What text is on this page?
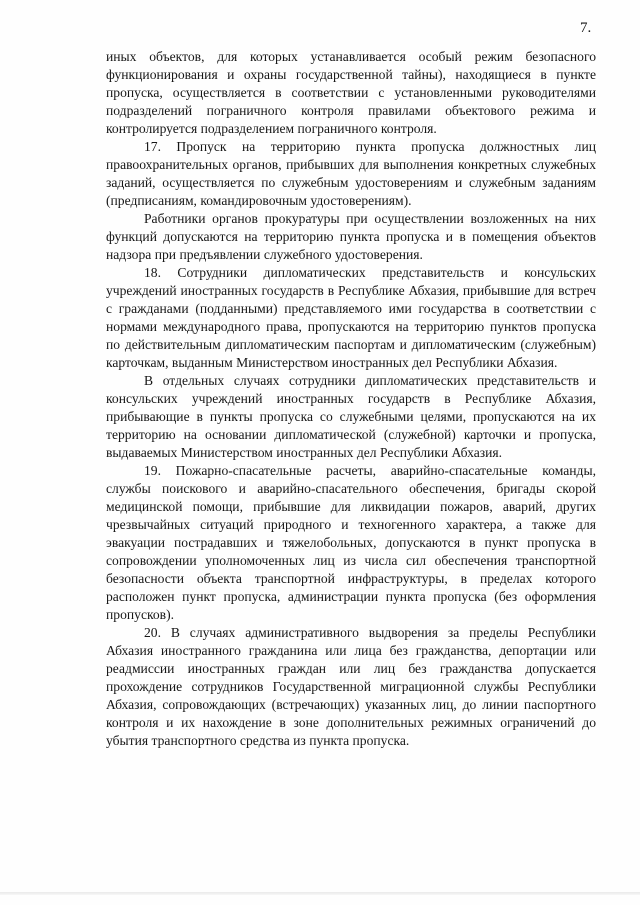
7.

иных объектов, для которых устанавливается особый режим безопасного функционирования и охраны государственной тайны), находящиеся в пункте пропуска, осуществляется в соответствии с установленными руководителями подразделений пограничного контроля правилами объектового режима и контролируется подразделением пограничного контроля.

17. Пропуск на территорию пункта пропуска должностных лиц правоохранительных органов, прибывших для выполнения конкретных служебных заданий, осуществляется по служебным удостоверениям и служебным заданиям (предписаниям, командировочным удостоверениям).

Работники органов прокуратуры при осуществлении возложенных на них функций допускаются на территорию пункта пропуска и в помещения объектов надзора при предъявлении служебного удостоверения.

18. Сотрудники дипломатических представительств и консульских учреждений иностранных государств в Республике Абхазия, прибывшие для встреч с гражданами (подданными) представляемого ими государства в соответствии с нормами международного права, пропускаются на территорию пунктов пропуска по действительным дипломатическим паспортам и дипломатическим (служебным) карточкам, выданным Министерством иностранных дел Республики Абхазия.

В отдельных случаях сотрудники дипломатических представительств и консульских учреждений иностранных государств в Республике Абхазия, прибывающие в пункты пропуска со служебными целями, пропускаются на их территорию на основании дипломатической (служебной) карточки и пропуска, выдаваемых Министерством иностранных дел Республики Абхазия.

19. Пожарно-спасательные расчеты, аварийно-спасательные команды, службы поискового и аварийно-спасательного обеспечения, бригады скорой медицинской помощи, прибывшие для ликвидации пожаров, аварий, других чрезвычайных ситуаций природного и техногенного характера, а также для эвакуации пострадавших и тяжелобольных, допускаются в пункт пропуска в сопровождении уполномоченных лиц из числа сил обеспечения транспортной безопасности объекта транспортной инфраструктуры, в пределах которого расположен пункт пропуска, администрации пункта пропуска (без оформления пропусков).

20. В случаях административного выдворения за пределы Республики Абхазия иностранного гражданина или лица без гражданства, депортации или реадмиссии иностранных граждан или лиц без гражданства допускается прохождение сотрудников Государственной миграционной службы Республики Абхазия, сопровождающих (встречающих) указанных лиц, до линии паспортного контроля и их нахождение в зоне дополнительных режимных ограничений до убытия транспортного средства из пункта пропуска.
